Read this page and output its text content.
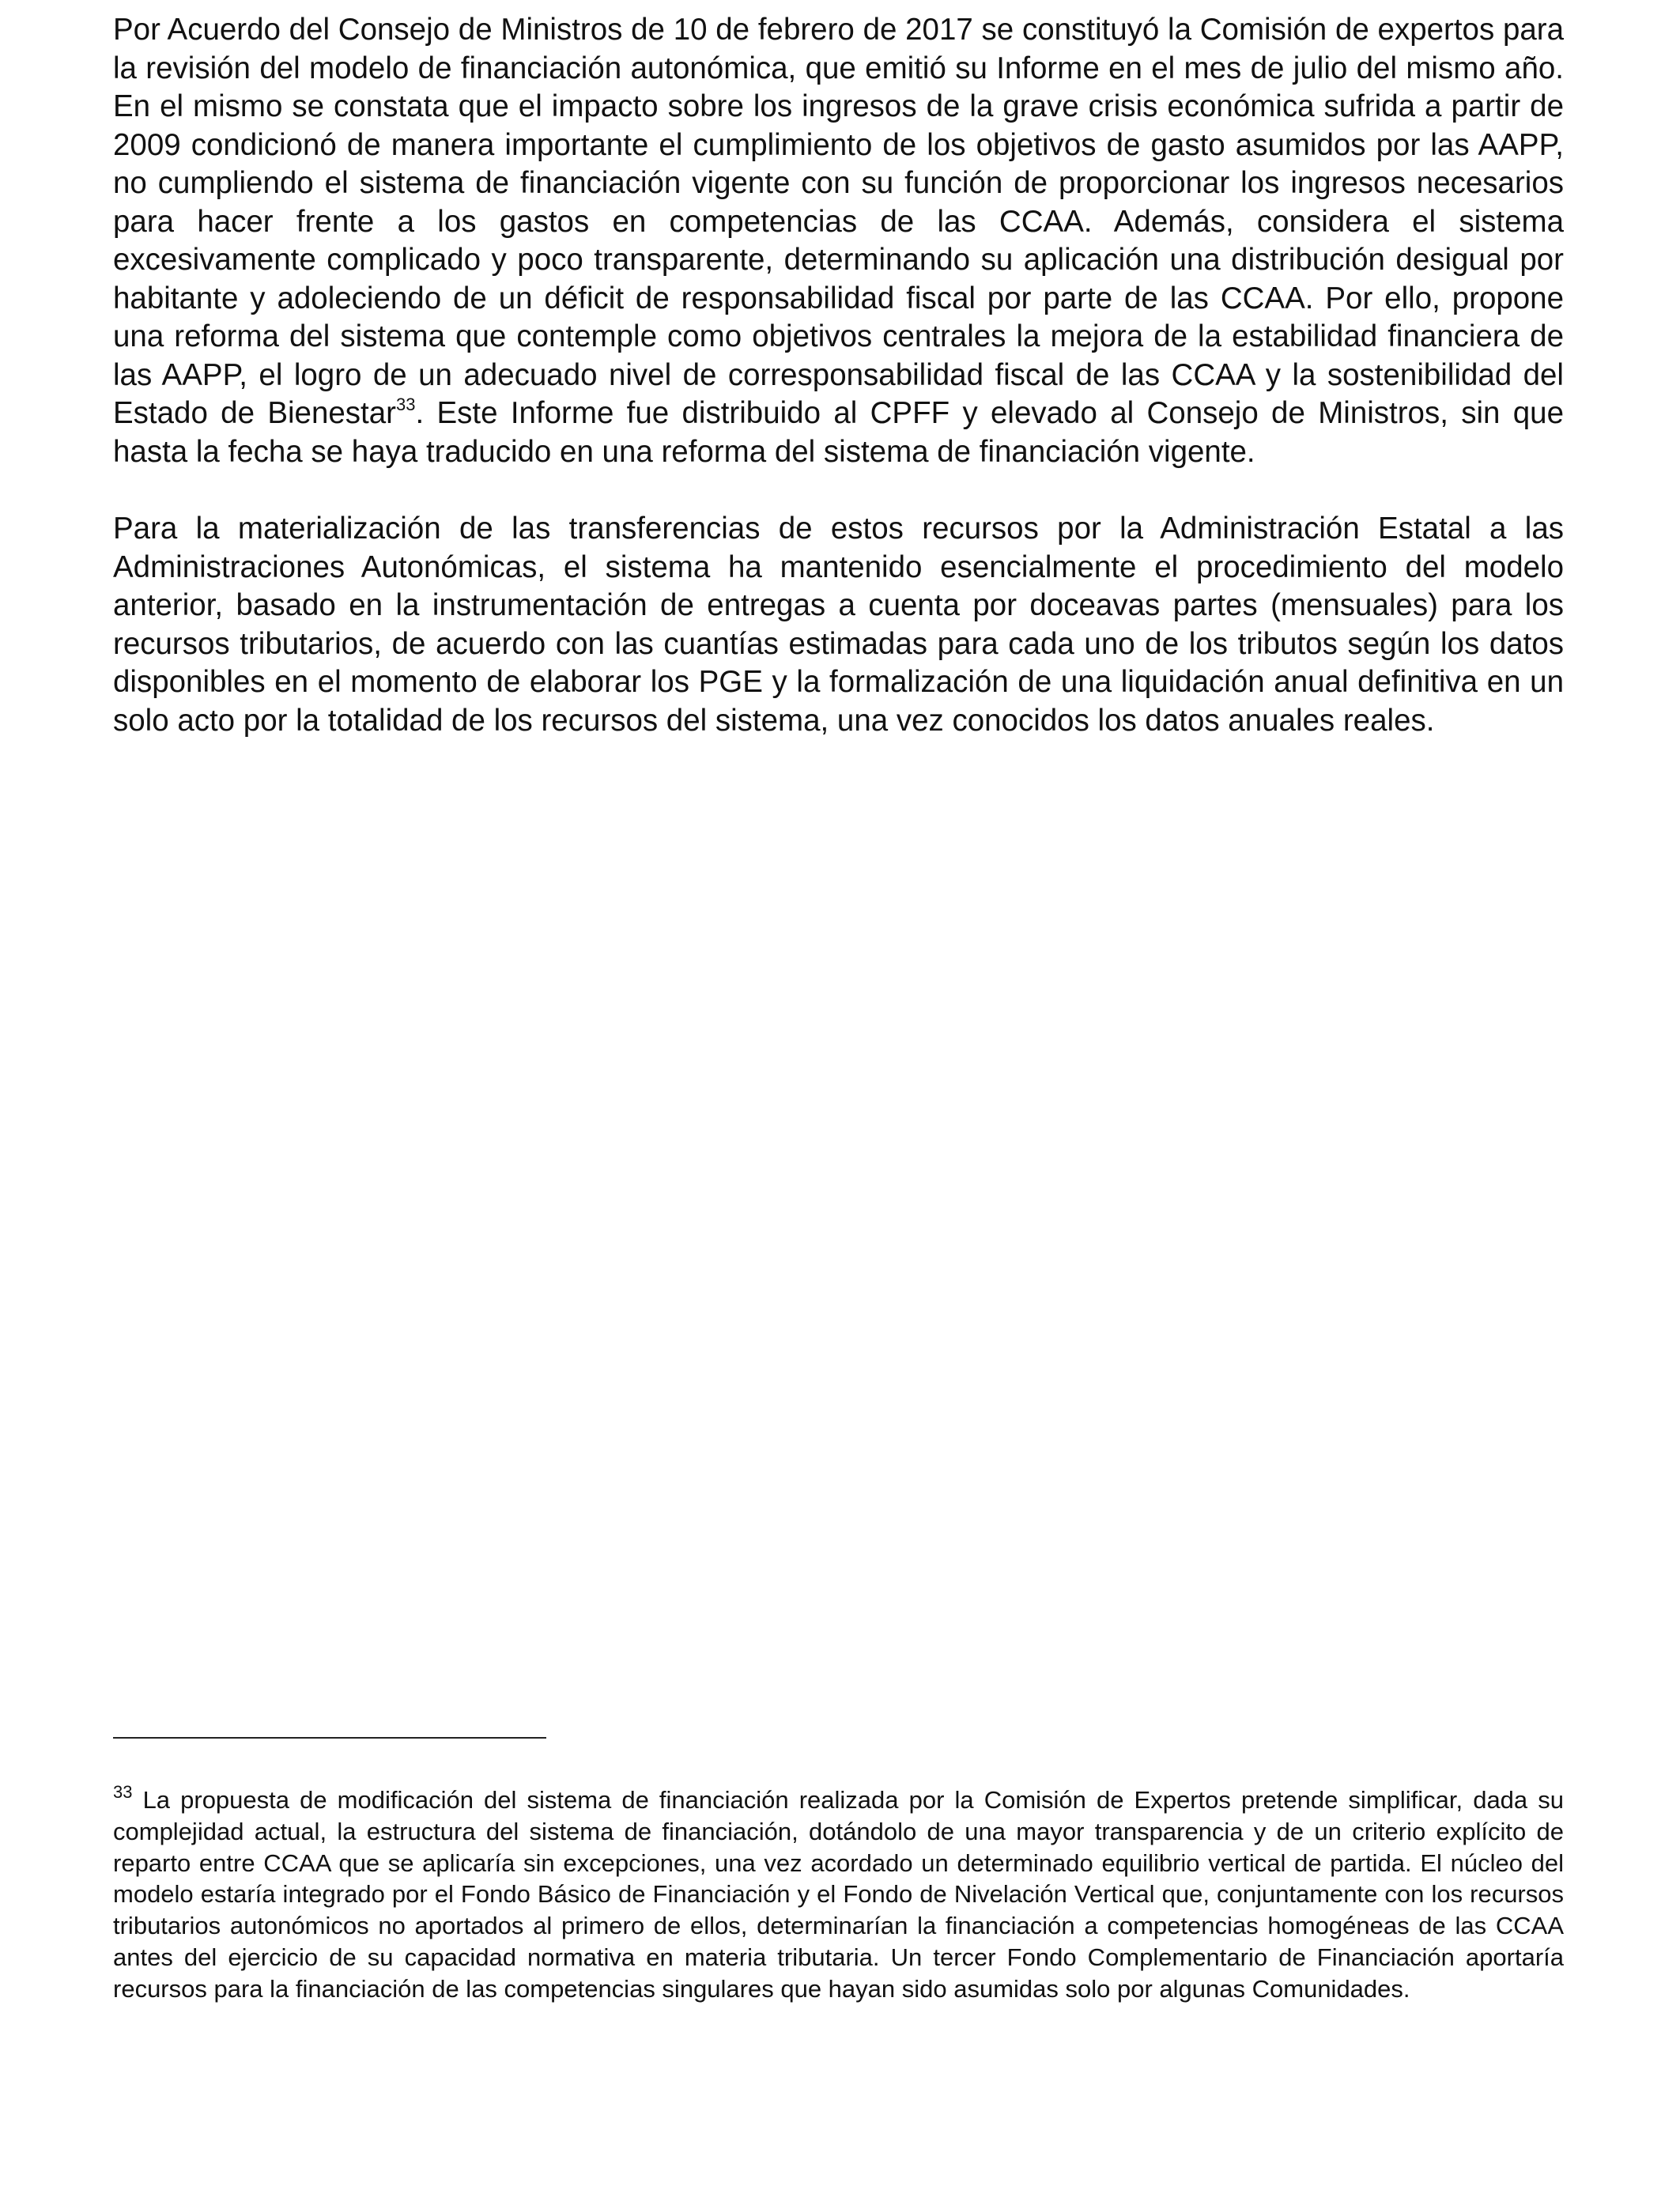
Por Acuerdo del Consejo de Ministros de 10 de febrero de 2017 se constituyó la Comisión de expertos para la revisión del modelo de financiación autonómica, que emitió su Informe en el mes de julio del mismo año. En el mismo se constata que el impacto sobre los ingresos de la grave crisis económica sufrida a partir de 2009 condicionó de manera importante el cumplimiento de los objetivos de gasto asumidos por las AAPP, no cumpliendo el sistema de financiación vigente con su función de proporcionar los ingresos necesarios para hacer frente a los gastos en competencias de las CCAA. Además, considera el sistema excesivamente complicado y poco transparente, determinando su aplicación una distribución desigual por habitante y adoleciendo de un déficit de responsabilidad fiscal por parte de las CCAA. Por ello, propone una reforma del sistema que contemple como objetivos centrales la mejora de la estabilidad financiera de las AAPP, el logro de un adecuado nivel de corresponsabilidad fiscal de las CCAA y la sostenibilidad del Estado de Bienestar$^{33}$. Este Informe fue distribuido al CPFF y elevado al Consejo de Ministros, sin que hasta la fecha se haya traducido en una reforma del sistema de financiación vigente.

Para la materialización de las transferencias de estos recursos por la Administración Estatal a las Administraciones Autonómicas, el sistema ha mantenido esencialmente el procedimiento del modelo anterior, basado en la instrumentación de entregas a cuenta por doceavas partes (mensuales) para los recursos tributarios, de acuerdo con las cuantías estimadas para cada uno de los tributos según los datos disponibles en el momento de elaborar los PGE y la formalización de una liquidación anual definitiva en un solo acto por la totalidad de los recursos del sistema, una vez conocidos los datos anuales reales.

$^{33}$ La propuesta de modificación del sistema de financiación realizada por la Comisión de Expertos pretende simplificar, dada su complejidad actual, la estructura del sistema de financiación, dotándolo de una mayor transparencia y de un criterio explícito de reparto entre CCAA que se aplicaría sin excepciones, una vez acordado un determinado equilibrio vertical de partida. El núcleo del modelo estaría integrado por el Fondo Básico de Financiación y el Fondo de Nivelación Vertical que, conjuntamente con los recursos tributarios autonómicos no aportados al primero de ellos, determinarían la financiación a competencias homogéneas de las CCAA antes del ejercicio de su capacidad normativa en materia tributaria. Un tercer Fondo Complementario de Financiación aportaría recursos para la financiación de las competencias singulares que hayan sido asumidas solo por algunas Comunidades.
